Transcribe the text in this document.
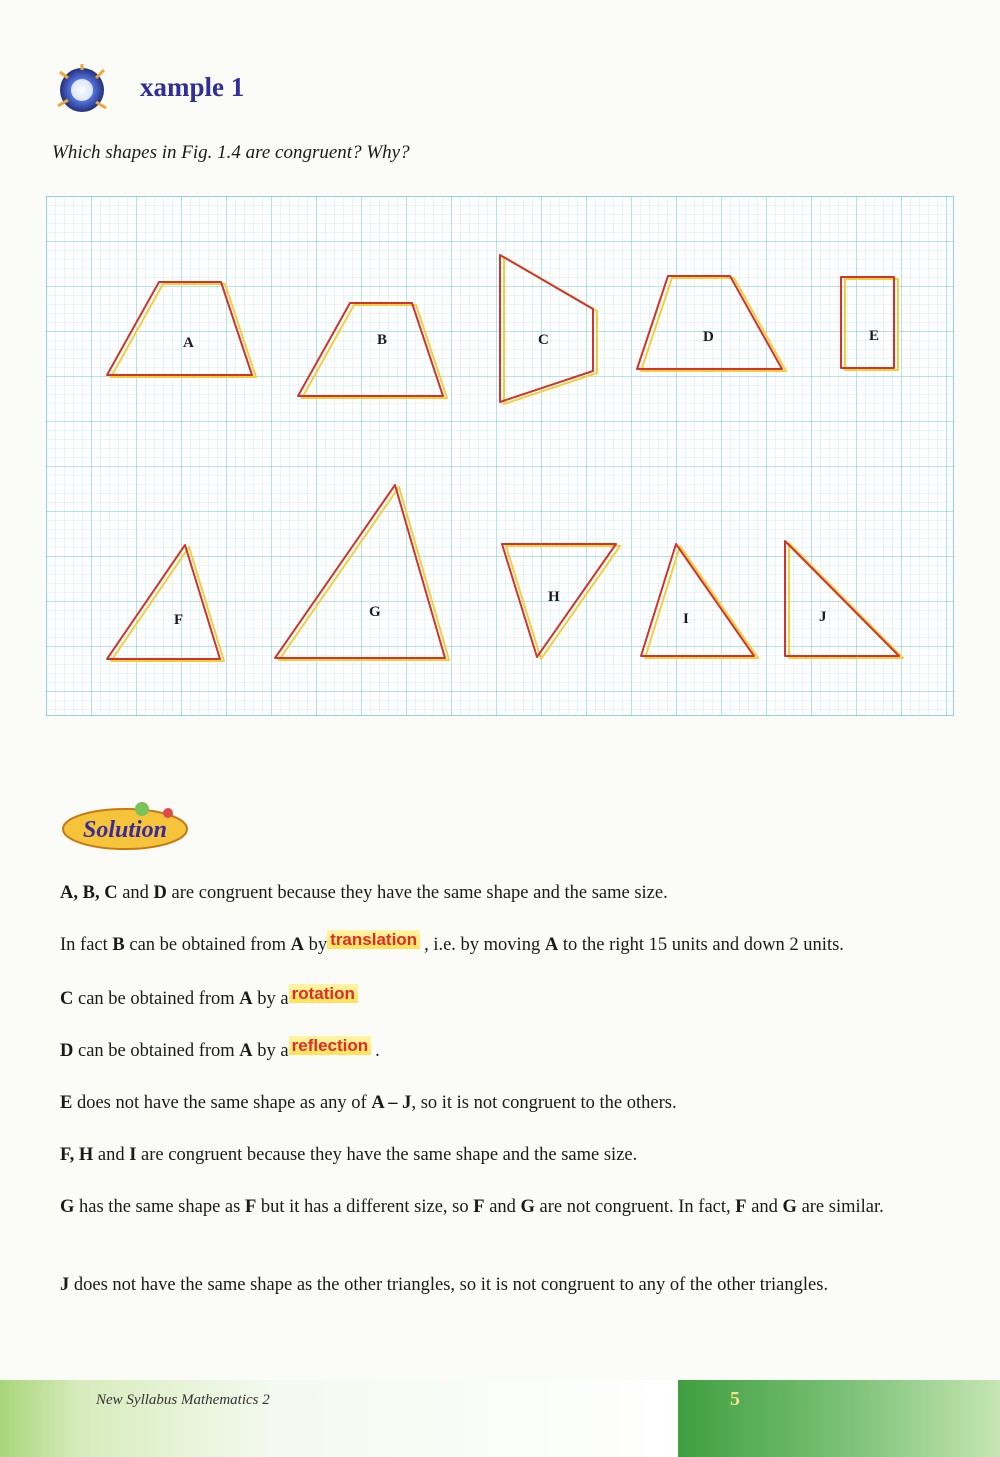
xample 1
Which shapes in Fig. 1.4 are congruent? Why?
A	B	C	D	E
F	G
H
I	J
Solution
A, B, C and D are congruent because they have the same shape and the same size.
In fact B can be obtained from A by translation , i.e. by moving A to the right 15 units and down 2 units.
C can be obtained from A by a rotation
D can be obtained from A by a reflection .
E does not have the same shape as any of A – J, so it is not congruent to the others.
F, H and I are congruent because they have the same shape and the same size.
G has the same shape as F but it has a different size, so F and G are not congruent. In fact, F and G are similar.
J does not have the same shape as the other triangles, so it is not congruent to any of the other triangles.
New Syllabus Mathematics 2	5
